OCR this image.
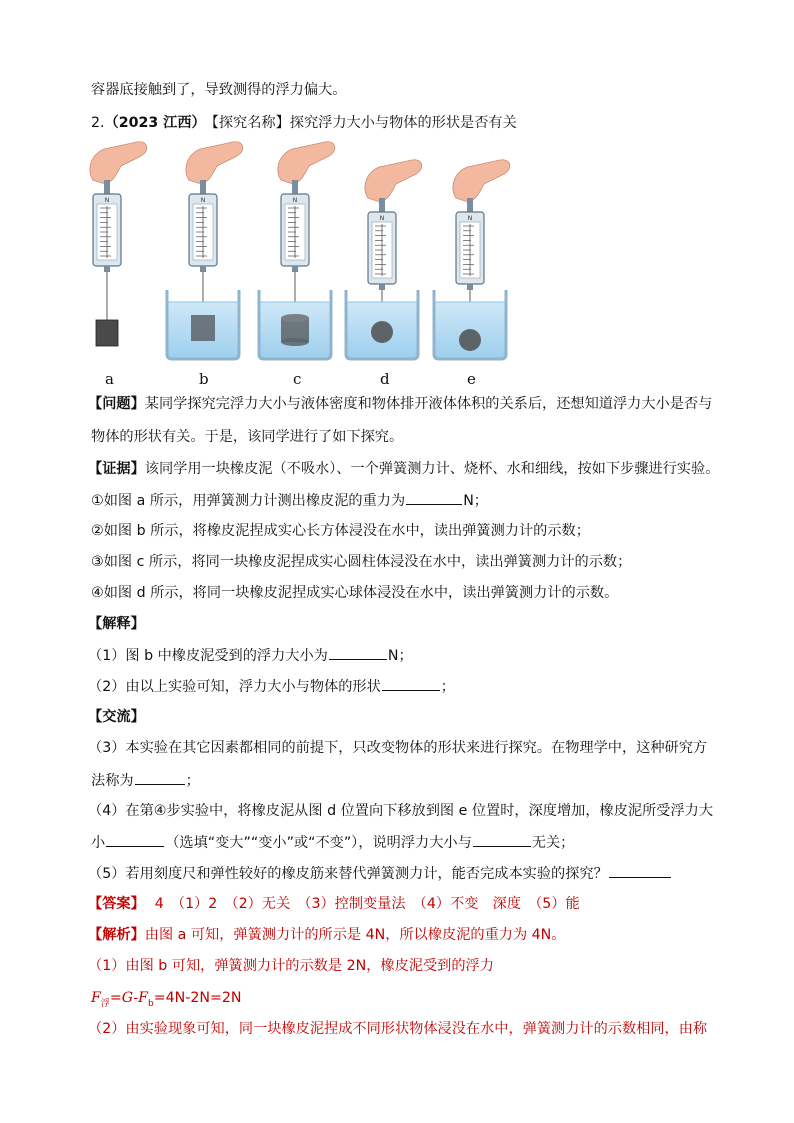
容器底接触到了，导致测得的浮力偏大。
2.（2023 江西） 【探究名称】探究浮力大小与物体的形状是否有关
N	N	N
N	N
a	b	c	d	e
【问题】某同学探究完浮力大小与液体密度和物体排开液体体积的关系后，还想知道浮力大小是否与
物体的形状有关。于是，该同学进行了如下探究。
【证据】该同学用一块橡皮泥（不吸水）、一个弹簧测力计、烧杯、水和细线，按如下步骤进行实验。
①如图 a 所示，用弹簧测力计测出橡皮泥的重力为	N；
②如图 b 所示，将橡皮泥捏成实心长方体浸没在水中，读出弹簧测力计的示数；
③如图 c 所示，将同一块橡皮泥捏成实心圆柱体浸没在水中，读出弹簧测力计的示数；
④如图 d 所示，将同一块橡皮泥捏成实心球体浸没在水中，读出弹簧测力计的示数。
【解释】
（1）图 b 中橡皮泥受到的浮力大小为	N；
（2）由以上实验可知，浮力大小与物体的形状	；
【交流】
（3）本实验在其它因素都相同的前提下，只改变物体的形状来进行探究。在物理学中，这种研究方
法称为	；
（4）在第④步实验中，将橡皮泥从图 d 位置向下移放到图 e 位置时，深度增加，橡皮泥所受浮力大
小	（选填“变大”“变小”或“不变”），说明浮力大小与	无关；
（5）若用刻度尺和弹性较好的橡皮筋来替代弹簧测力计，能否完成本实验的探究？
【答案】 4　（1）2　（2）无关　（3）控制变量法　（4）不变　深度　（5）能
【解析】由图 a 可知，弹簧测力计的所示是 4N，所以橡皮泥的重力为 4N。
（1）由图 b 可知，弹簧测力计的示数是 2N，橡皮泥受到的浮力
$F_浮=G-F_b=4N-2N=2N$
（2）由实验现象可知，同一块橡皮泥捏成不同形状物体浸没在水中，弹簧测力计的示数相同，由称
